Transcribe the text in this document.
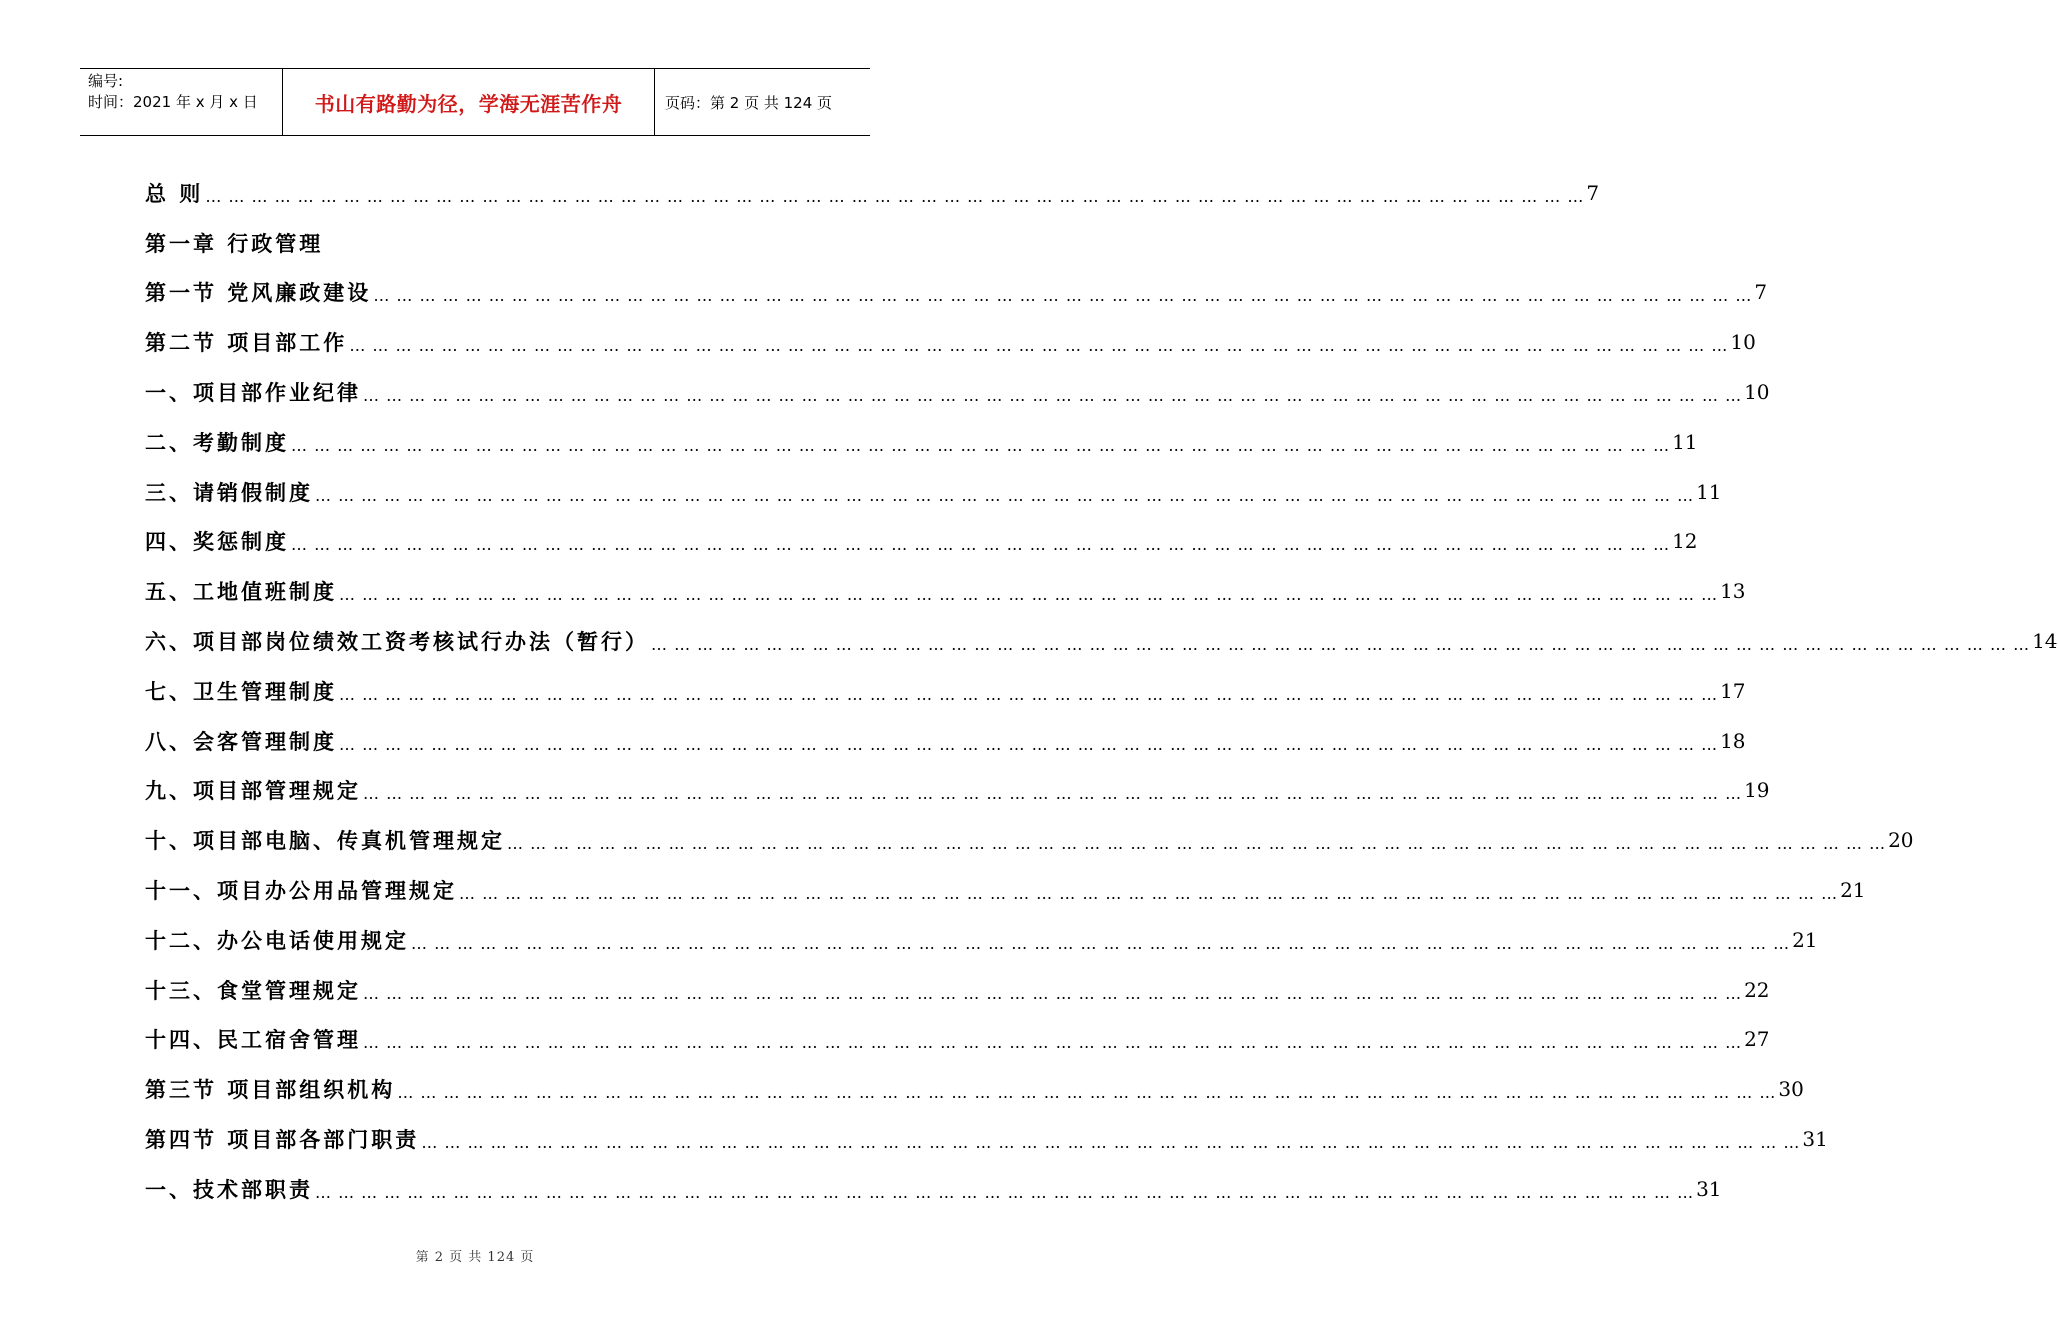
编号:
时间：2021 年 x 月 x 日	书山有路勤为径，学海无涯苦作舟	页码：第 2 页 共 124 页
总 则 … … … … … … … … … … … … … … … … … … … … … … … … … … … … … … … … … … … … … … … … … … … … … … … … … … … … … … … … … … … … 7
第一章 行政管理
第一节 党风廉政建设 … … … … … … … … … … … … … … … … … … … … … … … … … … … … … … … … … … … … … … … … … … … … … … … … … … … … … … … … … … … … 7
第二节 项目部工作 … … … … … … … … … … … … … … … … … … … … … … … … … … … … … … … … … … … … … … … … … … … … … … … … … … … … … … … … … … … … 10
一、项目部作业纪律 … … … … … … … … … … … … … … … … … … … … … … … … … … … … … … … … … … … … … … … … … … … … … … … … … … … … … … … … … … … … 10
二、考勤制度 … … … … … … … … … … … … … … … … … … … … … … … … … … … … … … … … … … … … … … … … … … … … … … … … … … … … … … … … … … … … 11
三、请销假制度 … … … … … … … … … … … … … … … … … … … … … … … … … … … … … … … … … … … … … … … … … … … … … … … … … … … … … … … … … … … … 11
四、奖惩制度 … … … … … … … … … … … … … … … … … … … … … … … … … … … … … … … … … … … … … … … … … … … … … … … … … … … … … … … … … … … … 12
五、工地值班制度 … … … … … … … … … … … … … … … … … … … … … … … … … … … … … … … … … … … … … … … … … … … … … … … … … … … … … … … … … … … … 13
六、项目部岗位绩效工资考核试行办法（暂行） … … … … … … … … … … … … … … … … … … … … … … … … … … … … … … … … … … … … … … … … … … … … … … … … … … … … … … … … … … … … 14
七、卫生管理制度 … … … … … … … … … … … … … … … … … … … … … … … … … … … … … … … … … … … … … … … … … … … … … … … … … … … … … … … … … … … … 17
八、会客管理制度 … … … … … … … … … … … … … … … … … … … … … … … … … … … … … … … … … … … … … … … … … … … … … … … … … … … … … … … … … … … … 18
九、项目部管理规定 … … … … … … … … … … … … … … … … … … … … … … … … … … … … … … … … … … … … … … … … … … … … … … … … … … … … … … … … … … … … 19
十、项目部电脑、传真机管理规定 … … … … … … … … … … … … … … … … … … … … … … … … … … … … … … … … … … … … … … … … … … … … … … … … … … … … … … … … … … … … 20
十一、项目办公用品管理规定 … … … … … … … … … … … … … … … … … … … … … … … … … … … … … … … … … … … … … … … … … … … … … … … … … … … … … … … … … … … … 21
十二、办公电话使用规定 … … … … … … … … … … … … … … … … … … … … … … … … … … … … … … … … … … … … … … … … … … … … … … … … … … … … … … … … … … … … 21
十三、食堂管理规定 … … … … … … … … … … … … … … … … … … … … … … … … … … … … … … … … … … … … … … … … … … … … … … … … … … … … … … … … … … … … 22
十四、民工宿舍管理 … … … … … … … … … … … … … … … … … … … … … … … … … … … … … … … … … … … … … … … … … … … … … … … … … … … … … … … … … … … … 27
第三节 项目部组织机构 … … … … … … … … … … … … … … … … … … … … … … … … … … … … … … … … … … … … … … … … … … … … … … … … … … … … … … … … … … … … 30
第四节 项目部各部门职责 … … … … … … … … … … … … … … … … … … … … … … … … … … … … … … … … … … … … … … … … … … … … … … … … … … … … … … … … … … … … 31
一、技术部职责 … … … … … … … … … … … … … … … … … … … … … … … … … … … … … … … … … … … … … … … … … … … … … … … … … … … … … … … … … … … … 31
第 2 页 共 124 页
